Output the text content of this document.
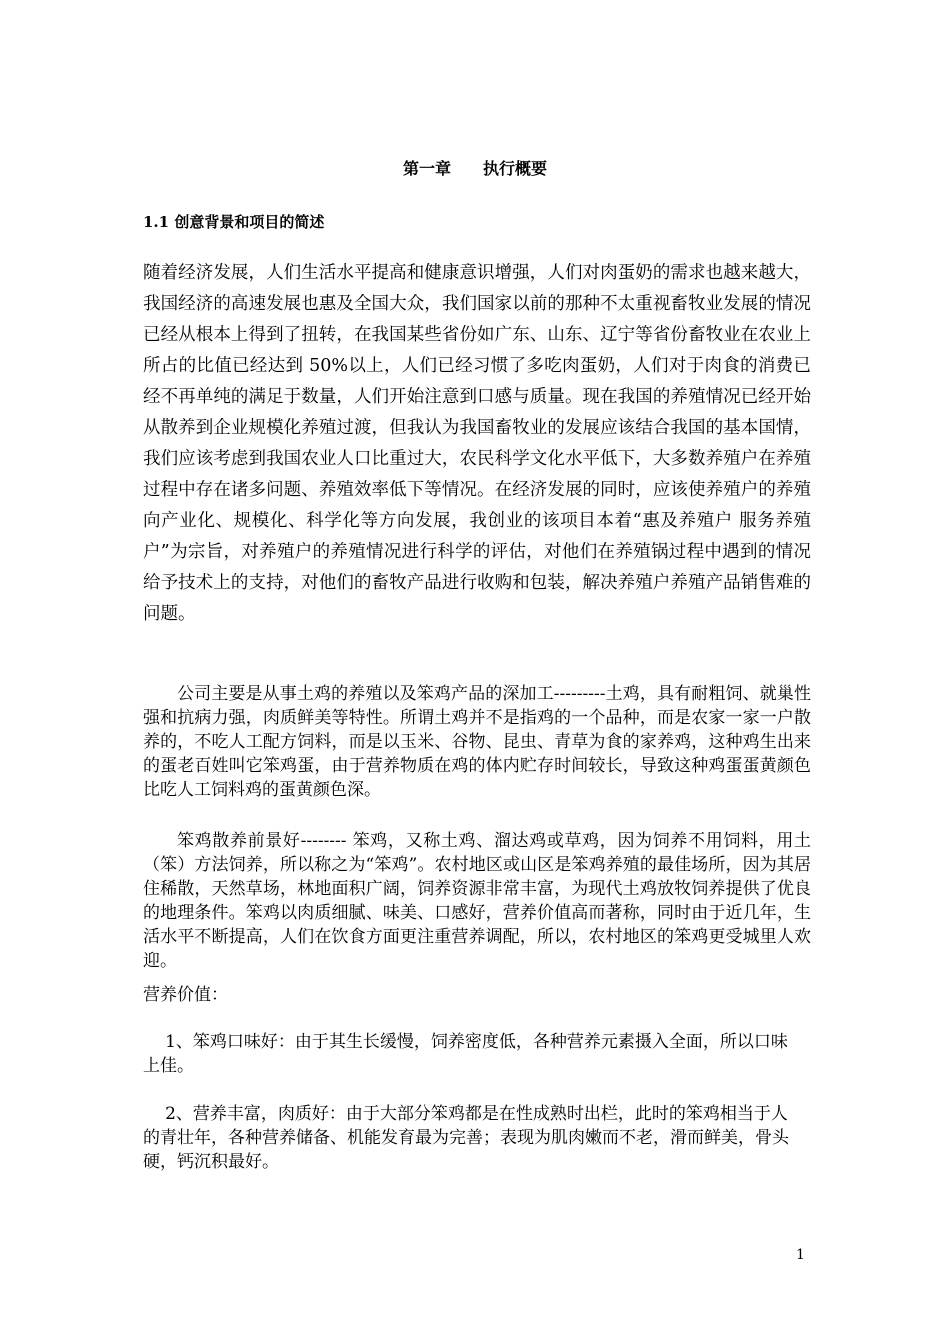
第一章　　执行概要
1.1 创意背景和项目的简述

随着经济发展，人们生活水平提高和健康意识增强，人们对肉蛋奶的需求也越来越大，我国经济的高速发展也惠及全国大众，我们国家以前的那种不太重视畜牧业发展的情况已经从根本上得到了扭转，在我国某些省份如广东、山东、辽宁等省份畜牧业在农业上所占的比值已经达到 50%以上，人们已经习惯了多吃肉蛋奶，人们对于肉食的消费已经不再单纯的满足于数量，人们开始注意到口感与质量。现在我国的养殖情况已经开始从散养到企业规模化养殖过渡，但我认为我国畜牧业的发展应该结合我国的基本国情，我们应该考虑到我国农业人口比重过大，农民科学文化水平低下，大多数养殖户在养殖过程中存在诸多问题、养殖效率低下等情况。在经济发展的同时，应该使养殖户的养殖向产业化、规模化、科学化等方向发展，我创业的该项目本着“惠及养殖户 服务养殖户”为宗旨，对养殖户的养殖情况进行科学的评估，对他们在养殖锅过程中遇到的情况给予技术上的支持，对他们的畜牧产品进行收购和包装，解决养殖户养殖产品销售难的问题。

公司主要是从事土鸡的养殖以及笨鸡产品的深加工---------土鸡，具有耐粗饲、就巢性强和抗病力强，肉质鲜美等特性。所谓土鸡并不是指鸡的一个品种，而是农家一家一户散养的，不吃人工配方饲料，而是以玉米、谷物、昆虫、青草为食的家养鸡，这种鸡生出来的蛋老百姓叫它笨鸡蛋，由于营养物质在鸡的体内贮存时间较长，导致这种鸡蛋蛋黄颜色比吃人工饲料鸡的蛋黄颜色深。

笨鸡散养前景好-------- 笨鸡，又称土鸡、溜达鸡或草鸡，因为饲养不用饲料，用土（笨）方法饲养，所以称之为“笨鸡”。农村地区或山区是笨鸡养殖的最佳场所，因为其居住稀散，天然草场，林地面积广阔，饲养资源非常丰富，为现代土鸡放牧饲养提供了优良的地理条件。笨鸡以肉质细腻、味美、口感好，营养价值高而著称，同时由于近几年，生活水平不断提高，人们在饮食方面更注重营养调配，所以，农村地区的笨鸡更受城里人欢迎。

营养价值：

1、笨鸡口味好：由于其生长缓慢，饲养密度低，各种营养元素摄入全面，所以口味上佳。

2、营养丰富，肉质好：由于大部分笨鸡都是在性成熟时出栏，此时的笨鸡相当于人的青壮年，各种营养储备、机能发育最为完善；表现为肌肉嫩而不老，滑而鲜美，骨头硬，钙沉积最好。

1
